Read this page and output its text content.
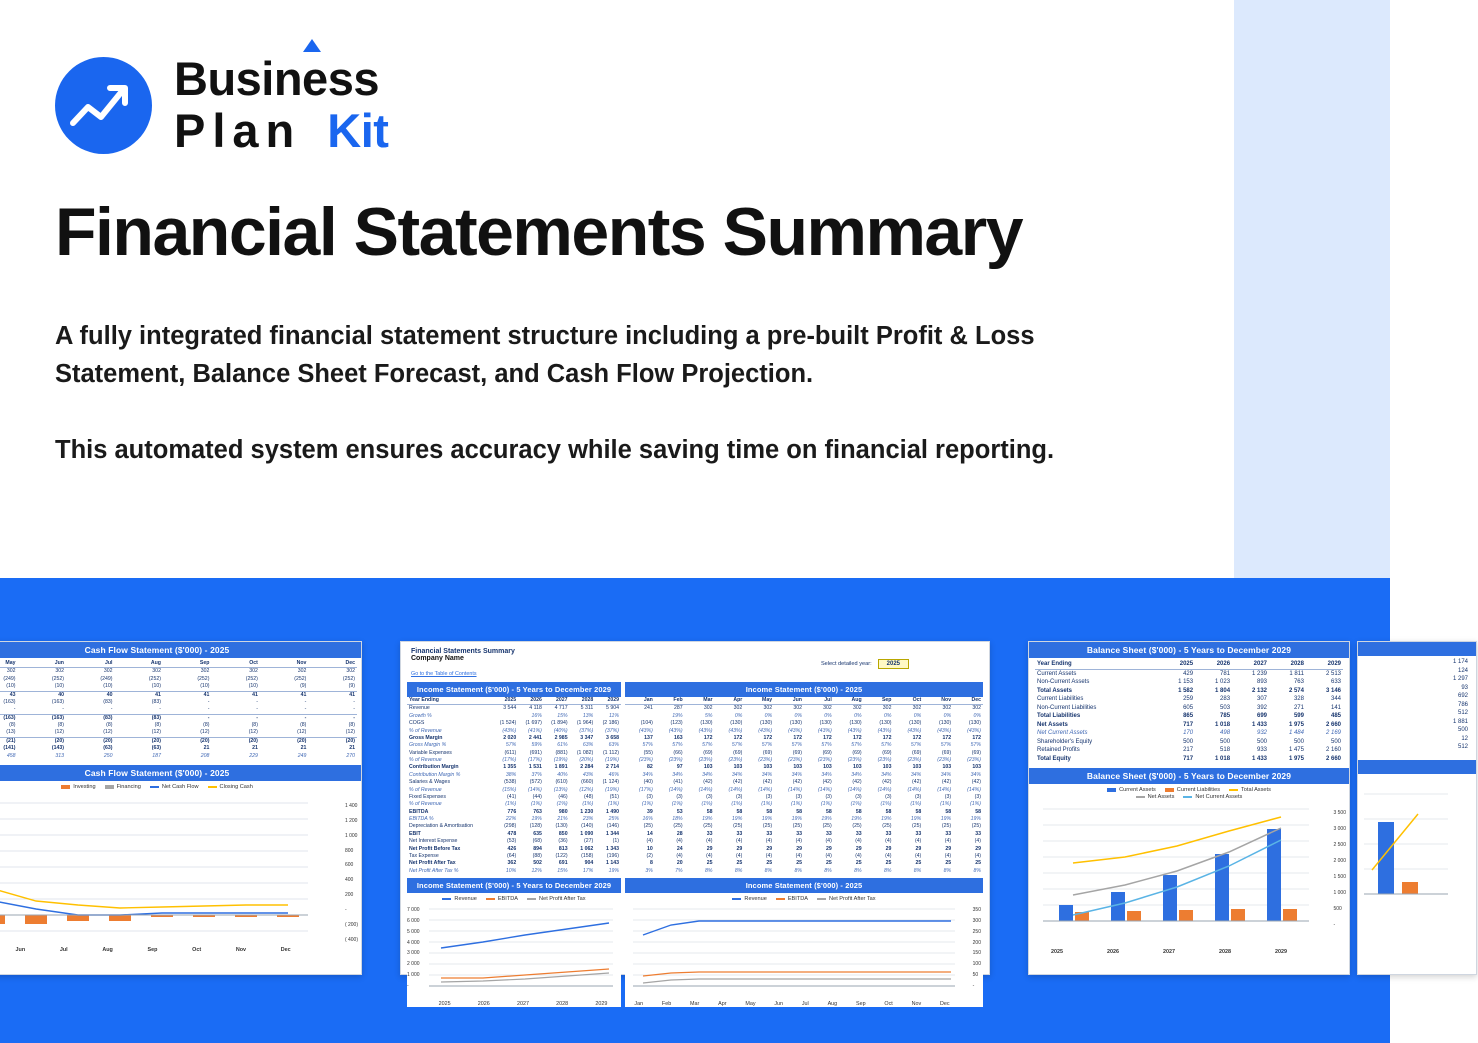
Business
Plan Kit
Financial Statements Summary

A fully integrated financial statement structure including a pre-built Profit & Loss Statement, Balance Sheet Forecast, and Cash Flow Projection.

This automated system ensures accuracy while saving time on financial reporting.

Cash Flow Statement ($'000) - 2025
	May	Jun	Jul	Aug	Sep	Oct	Nov	Dec
	302	302	302	302	302	302	302	302
	(249)	(252)	(249)	(252)	(252)	(252)	(252)	(252)
	(10)	(10)	(10)	(10)	(10)	(10)	(9)	(9)
	43	40	40	41	41	41	41	41
	(163)	(163)	(83)	(83)	-	-	-	-
	-	-	-	-	-	-	-	-
	(163)	(163)	(83)	(83)	-	-	-	-
	(8)	(8)	(8)	(8)	(8)	(8)	(8)	(8)
	(13)	(12)	(12)	(12)	(12)	(12)	(12)	(12)
	(21)	(20)	(20)	(20)	(20)	(20)	(20)	(20)
	(141)	(143)	(63)	(63)	21	21	21	21
	458	313	250	187	208	229	249	270
Cash Flow Statement ($'000) - 2025
Investing	Financing	Net Cash Flow	Closing Cash
1 400
1 200
1 000
800
600
400
200
-
( 200)
( 400)
Jun	Jul	Aug	Sep	Oct	Nov	Dec
Financial Statements Summary
Company Name
Go to the Table of Contents
Select detailed year:	2025
Income Statement ($'000) - 5 Years to December 2029
Year Ending	2025	2026	2027	2028	2029
Revenue	3 544	4 118	4 717	5 311	5 904
Growth %		16%	15%	13%	11%
COGS	(1 524)	(1 697)	(1 894)	(1 964)	(2 186)
% of Revenue	(43%)	(41%)	(40%)	(37%)	(37%)
Gross Margin	2 020	2 441	2 985	3 347	3 658
Gross Margin %	57%	59%	61%	63%	63%
Variable Expenses	(611)	(691)	(881)	(1 082)	(1 112)
% of Revenue	(17%)	(17%)	(19%)	(20%)	(19%)
Contribution Margin	1 355	1 531	1 891	2 284	2 714
Contribution Margin %	38%	37%	40%	43%	46%
Salaries & Wages	(538)	(572)	(610)	(660)	(1 124)
% of Revenue	(15%)	(14%)	(13%)	(12%)	(19%)
Fixed Expenses	(41)	(44)	(46)	(48)	(51)
% of Revenue	(1%)	(1%)	(1%)	(1%)	(1%)
EBITDA	776	763	980	1 230	1 490
EBITDA %	22%	19%	21%	23%	25%
Depreciation & Amortisation	(298)	(128)	(130)	(140)	(146)
EBIT	478	635	850	1 090	1 344
Net Interest Expense	(53)	(68)	(36)	(27)	(1)
Net Profit Before Tax	426	894	813	1 062	1 343
Tax Expense	(64)	(88)	(122)	(158)	(196)
Net Profit After Tax	362	502	691	904	1 143
Net Profit After Tax %	10%	12%	15%	17%	19%
Income Statement ($'000) - 2025
Jan	Feb	Mar	Apr	May	Jun	Jul	Aug	Sep	Oct	Nov	Dec
241	287	302	302	302	302	302	302	302	302	302	302
	19%	5%	0%	0%	0%	0%	0%	0%	0%	0%	0%
(104)	(123)	(130)	(130)	(130)	(130)	(130)	(130)	(130)	(130)	(130)	(130)
(43%)	(43%)	(43%)	(43%)	(43%)	(43%)	(43%)	(43%)	(43%)	(43%)	(43%)	(43%)
137	163	172	172	172	172	172	172	172	172	172	172
57%	57%	57%	57%	57%	57%	57%	57%	57%	57%	57%	57%
(55)	(66)	(69)	(69)	(69)	(69)	(69)	(69)	(69)	(69)	(69)	(69)
(23%)	(23%)	(23%)	(23%)	(23%)	(23%)	(23%)	(23%)	(23%)	(23%)	(23%)	(23%)
82	97	103	103	103	103	103	103	103	103	103	103
34%	34%	34%	34%	34%	34%	34%	34%	34%	34%	34%	34%
(40)	(41)	(42)	(42)	(42)	(42)	(42)	(42)	(42)	(42)	(42)	(42)
(17%)	(14%)	(14%)	(14%)	(14%)	(14%)	(14%)	(14%)	(14%)	(14%)	(14%)	(14%)
(3)	(3)	(3)	(3)	(3)	(3)	(3)	(3)	(3)	(3)	(3)	(3)
(1%)	(1%)	(1%)	(1%)	(1%)	(1%)	(1%)	(1%)	(1%)	(1%)	(1%)	(1%)
39	53	58	58	58	58	58	58	58	58	58	58
16%	18%	19%	19%	19%	19%	19%	19%	19%	19%	19%	19%
(25)	(25)	(25)	(25)	(25)	(25)	(25)	(25)	(25)	(25)	(25)	(25)
14	28	33	33	33	33	33	33	33	33	33	33
(4)	(4)	(4)	(4)	(4)	(4)	(4)	(4)	(4)	(4)	(4)	(4)
10	24	29	29	29	29	29	29	29	29	29	29
(2)	(4)	(4)	(4)	(4)	(4)	(4)	(4)	(4)	(4)	(4)	(4)
8	20	25	25	25	25	25	25	25	25	25	25
3%	7%	8%	8%	8%	8%	8%	8%	8%	8%	8%	8%
Income Statement ($'000) - 5 Years to December 2029
Revenue	EBITDA	Net Profit After Tax
7 000
6 000
5 000
4 000
3 000
2 000
1 000
-
2025	2026	2027	2028	2029
Income Statement ($'000) - 2025
Revenue	EBITDA	Net Profit After Tax
350
300
250
200
150
100
50
-
Jan	Feb	Mar	Apr	May	Jun	Jul	Aug	Sep	Oct	Nov	Dec
Balance Sheet ($'000) - 5 Years to December 2029
Year Ending	2025	2026	2027	2028	2029
Current Assets	429	781	1 239	1 811	2 513
Non-Current Assets	1 153	1 023	893	763	633
Total Assets	1 582	1 804	2 132	2 574	3 146
Current Liabilities	259	283	307	328	344
Non-Current Liabilities	605	503	392	271	141
Total Liabilities	865	785	699	599	485
Net Assets	717	1 018	1 433	1 975	2 660
Net Current Assets	170	498	932	1 484	2 169
Shareholder's Equity	500	500	500	500	500
Retained Profits	217	518	933	1 475	2 160
Total Equity	717	1 018	1 433	1 975	2 660
Balance Sheet ($'000) - 5 Years to December 2029
Current Assets	Current Liabilities	Total Assets
Net Assets	Net Current Assets
3 500
3 000
2 500
2 000
1 500
1 000
500
-
2025	2026	2027	2028	2029

1 174
124
1 297
93
692
786
512
1 881
500
12
512
